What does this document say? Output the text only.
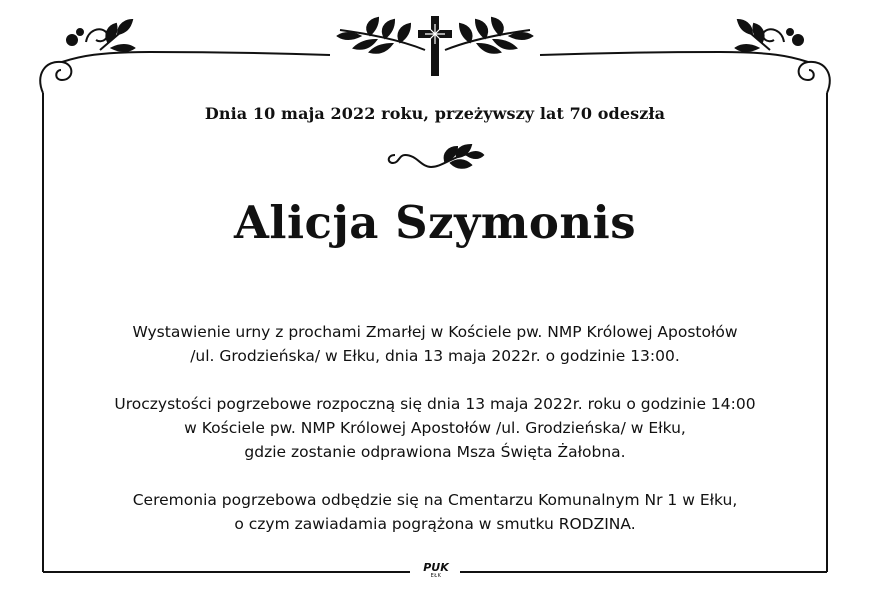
Dnia 10 maja 2022 roku, przeżywszy lat 70 odeszła
Alicja Szymonis
Wystawienie urny z prochami Zmarłej w Kościele pw. NMP Królowej Apostołów
/ul. Grodzieńska/ w Ełku, dnia 13 maja 2022r. o godzinie 13:00.
Uroczystości pogrzebowe rozpoczną się dnia 13 maja 2022r. roku o godzinie 14:00
w Kościele pw. NMP Królowej Apostołów /ul. Grodzieńska/ w Ełku,
gdzie zostanie odprawiona Msza Święta Żałobna.
Ceremonia pogrzebowa odbędzie się na Cmentarzu Komunalnym Nr 1 w Ełku,
o czym zawiadamia pogrążona w smutku RODZINA.
PUK
EŁK
